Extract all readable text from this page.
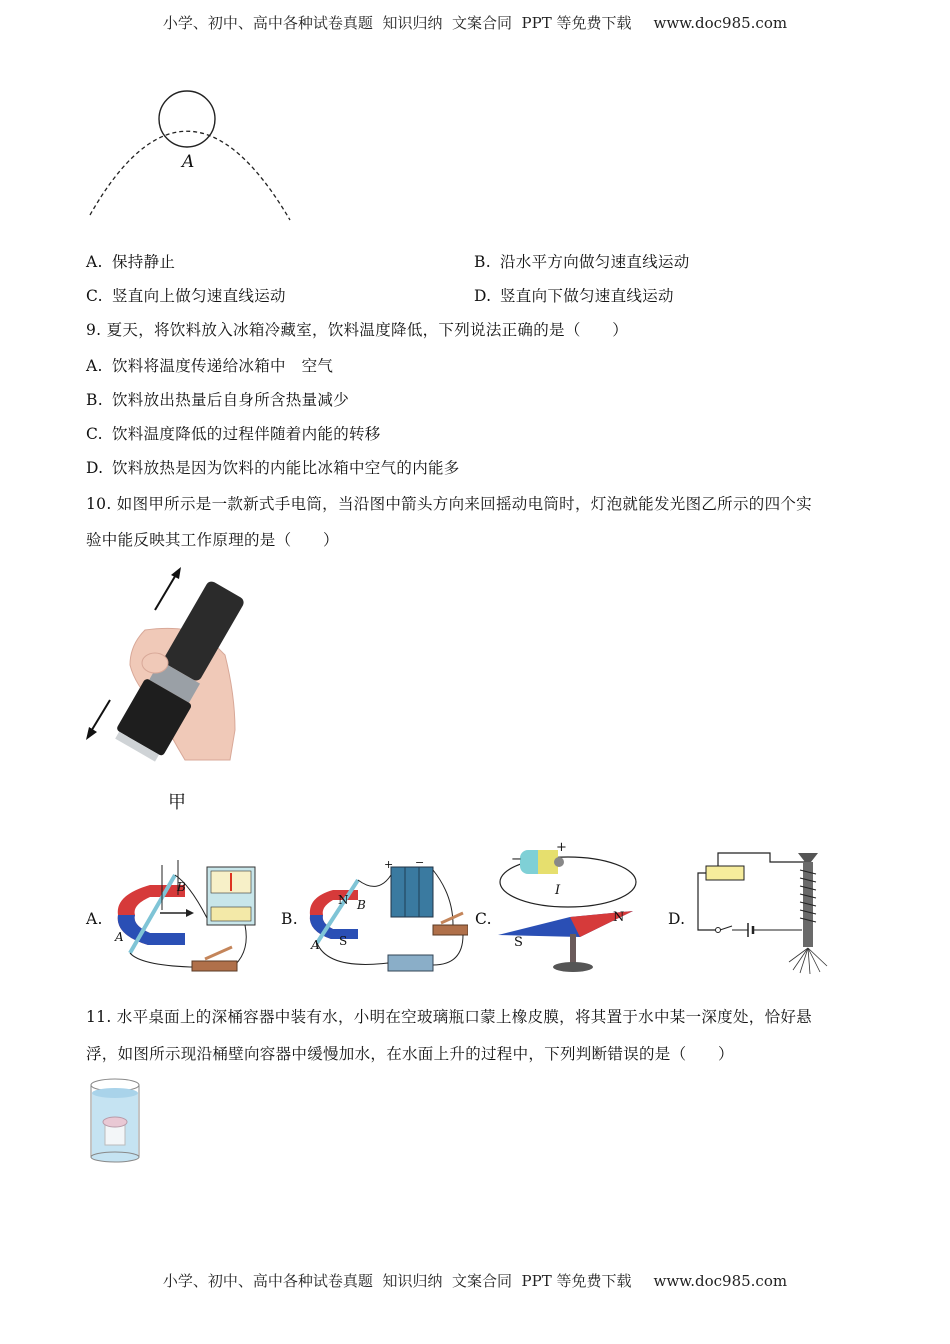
小学、初中、高中各种试卷真题  知识归纳  文案合同  PPT 等免费下载 www.doc985.com
A
A. 保持静止	B. 沿水平方向做匀速直线运动
C. 竖直向上做匀速直线运动	D. 竖直向下做匀速直线运动
9. 夏天，将饮料放入冰箱冷藏室，饮料温度降低，下列说法正确的是（　　）
A. 饮料将温度传递给冰箱中　空气
B. 饮料放出热量后自身所含热量减少
C. 饮料温度降低的过程伴随着内能的转移
D. 饮料放热是因为饮料的内能比冰箱中空气的内能多
10. 如图甲所示是一款新式手电筒，当沿图中箭头方向来回摇动电筒时，灯泡就能发光图乙所示的四个实
验中能反映其工作原理的是（　　）
甲
A.
A
B
B.
A
B
N
S
+ −
C.
−
+
I
S
N	D.
11. 水平桌面上的深桶容器中装有水，小明在空玻璃瓶口蒙上橡皮膜，将其置于水中某一深度处，恰好悬
浮，如图所示现沿桶壁向容器中缓慢加水，在水面上升的过程中，下列判断错误的是（　　）
小学、初中、高中各种试卷真题  知识归纳  文案合同  PPT 等免费下载 www.doc985.com
